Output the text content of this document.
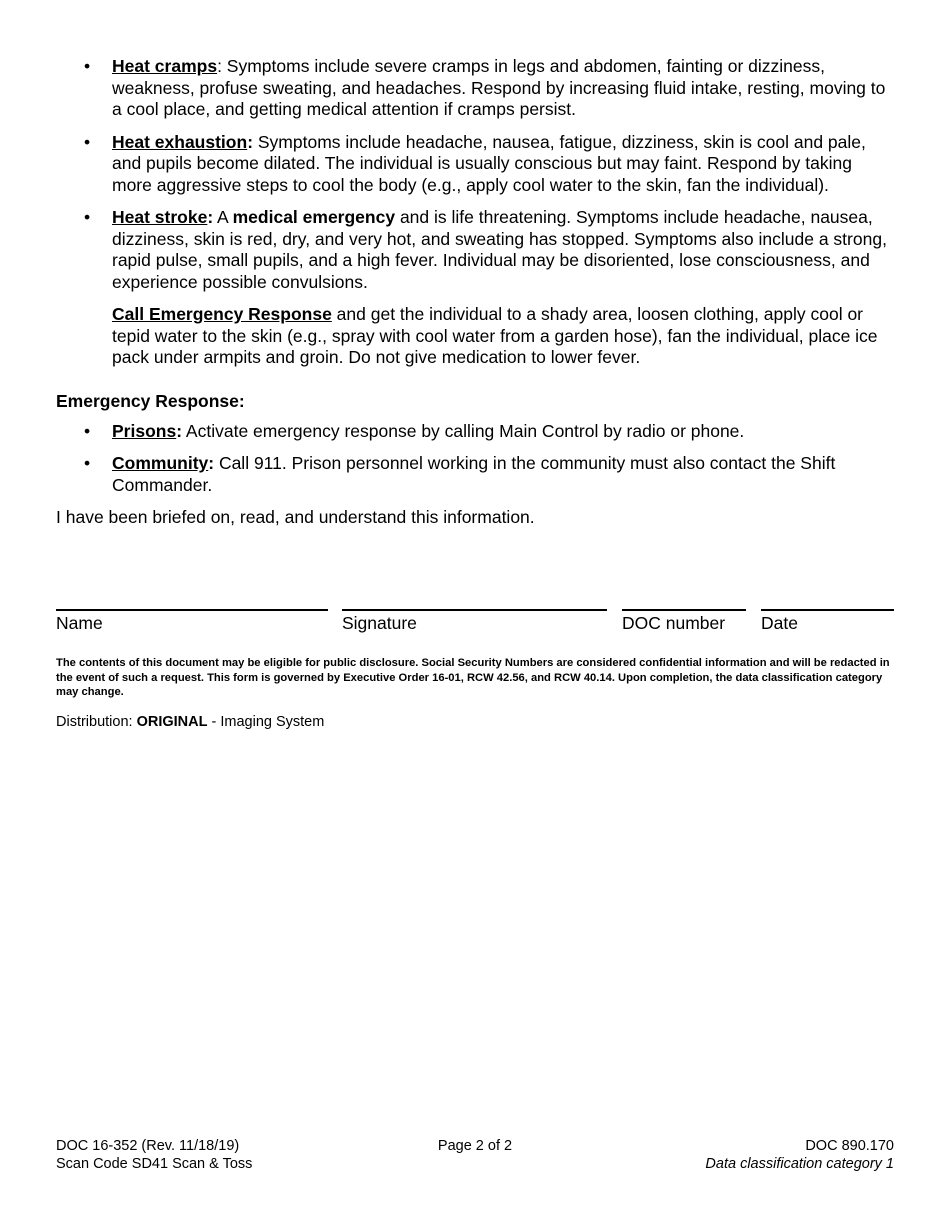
• Heat cramps: Symptoms include severe cramps in legs and abdomen, fainting or dizziness, weakness, profuse sweating, and headaches. Respond by increasing fluid intake, resting, moving to a cool place, and getting medical attention if cramps persist.
• Heat exhaustion: Symptoms include headache, nausea, fatigue, dizziness, skin is cool and pale, and pupils become dilated. The individual is usually conscious but may faint. Respond by taking more aggressive steps to cool the body (e.g., apply cool water to the skin, fan the individual).
• Heat stroke: A medical emergency and is life threatening. Symptoms include headache, nausea, dizziness, skin is red, dry, and very hot, and sweating has stopped. Symptoms also include a strong, rapid pulse, small pupils, and a high fever. Individual may be disoriented, lose consciousness, and experience possible convulsions.
Call Emergency Response and get the individual to a shady area, loosen clothing, apply cool or tepid water to the skin (e.g., spray with cool water from a garden hose), fan the individual, place ice pack under armpits and groin. Do not give medication to lower fever.
Emergency Response:
• Prisons: Activate emergency response by calling Main Control by radio or phone.
• Community: Call 911. Prison personnel working in the community must also contact the Shift Commander.
I have been briefed on, read, and understand this information.
Name	Signature	DOC number	Date
The contents of this document may be eligible for public disclosure. Social Security Numbers are considered confidential information and will be redacted in the event of such a request. This form is governed by Executive Order 16-01, RCW 42.56, and RCW 40.14. Upon completion, the data classification category may change.
Distribution: ORIGINAL - Imaging System
DOC 16-352 (Rev. 11/18/19)
Scan Code SD41 Scan & Toss
Page 2 of 2	DOC 890.170
Data classification category 1
